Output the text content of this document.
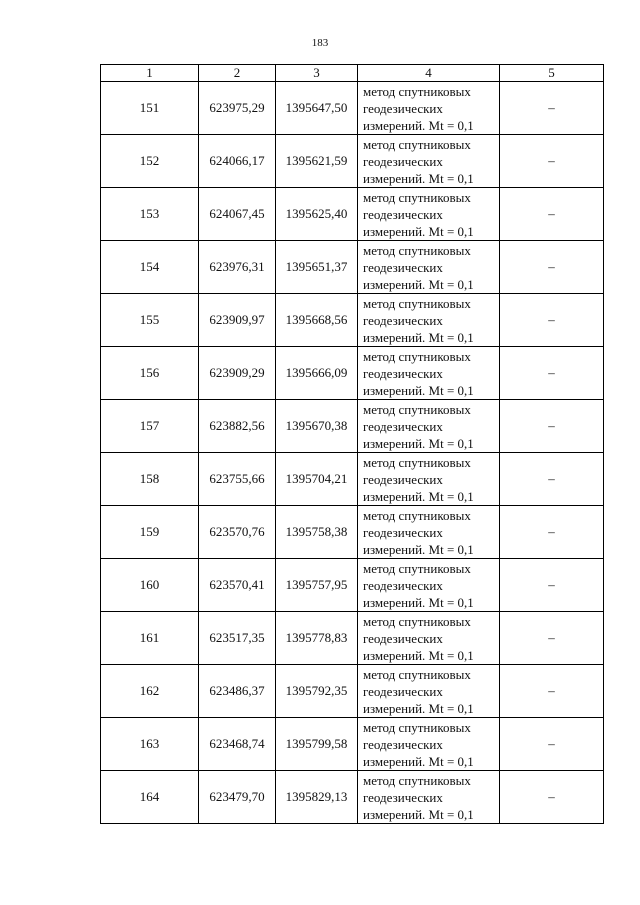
183
1	2	3	4	5
151	623975,29	1395647,50	метод спутниковых
геодезических
измерений. Mt = 0,1	–
152	624066,17	1395621,59	метод спутниковых
геодезических
измерений. Mt = 0,1	–
153	624067,45	1395625,40	метод спутниковых
геодезических
измерений. Mt = 0,1	–
154	623976,31	1395651,37	метод спутниковых
геодезических
измерений. Mt = 0,1	–
155	623909,97	1395668,56	метод спутниковых
геодезических
измерений. Mt = 0,1	–
156	623909,29	1395666,09	метод спутниковых
геодезических
измерений. Mt = 0,1	–
157	623882,56	1395670,38	метод спутниковых
геодезических
измерений. Mt = 0,1	–
158	623755,66	1395704,21	метод спутниковых
геодезических
измерений. Mt = 0,1	–
159	623570,76	1395758,38	метод спутниковых
геодезических
измерений. Mt = 0,1	–
160	623570,41	1395757,95	метод спутниковых
геодезических
измерений. Mt = 0,1	–
161	623517,35	1395778,83	метод спутниковых
геодезических
измерений. Mt = 0,1	–
162	623486,37	1395792,35	метод спутниковых
геодезических
измерений. Mt = 0,1	–
163	623468,74	1395799,58	метод спутниковых
геодезических
измерений. Mt = 0,1	–
164	623479,70	1395829,13	метод спутниковых
геодезических
измерений. Mt = 0,1	–
